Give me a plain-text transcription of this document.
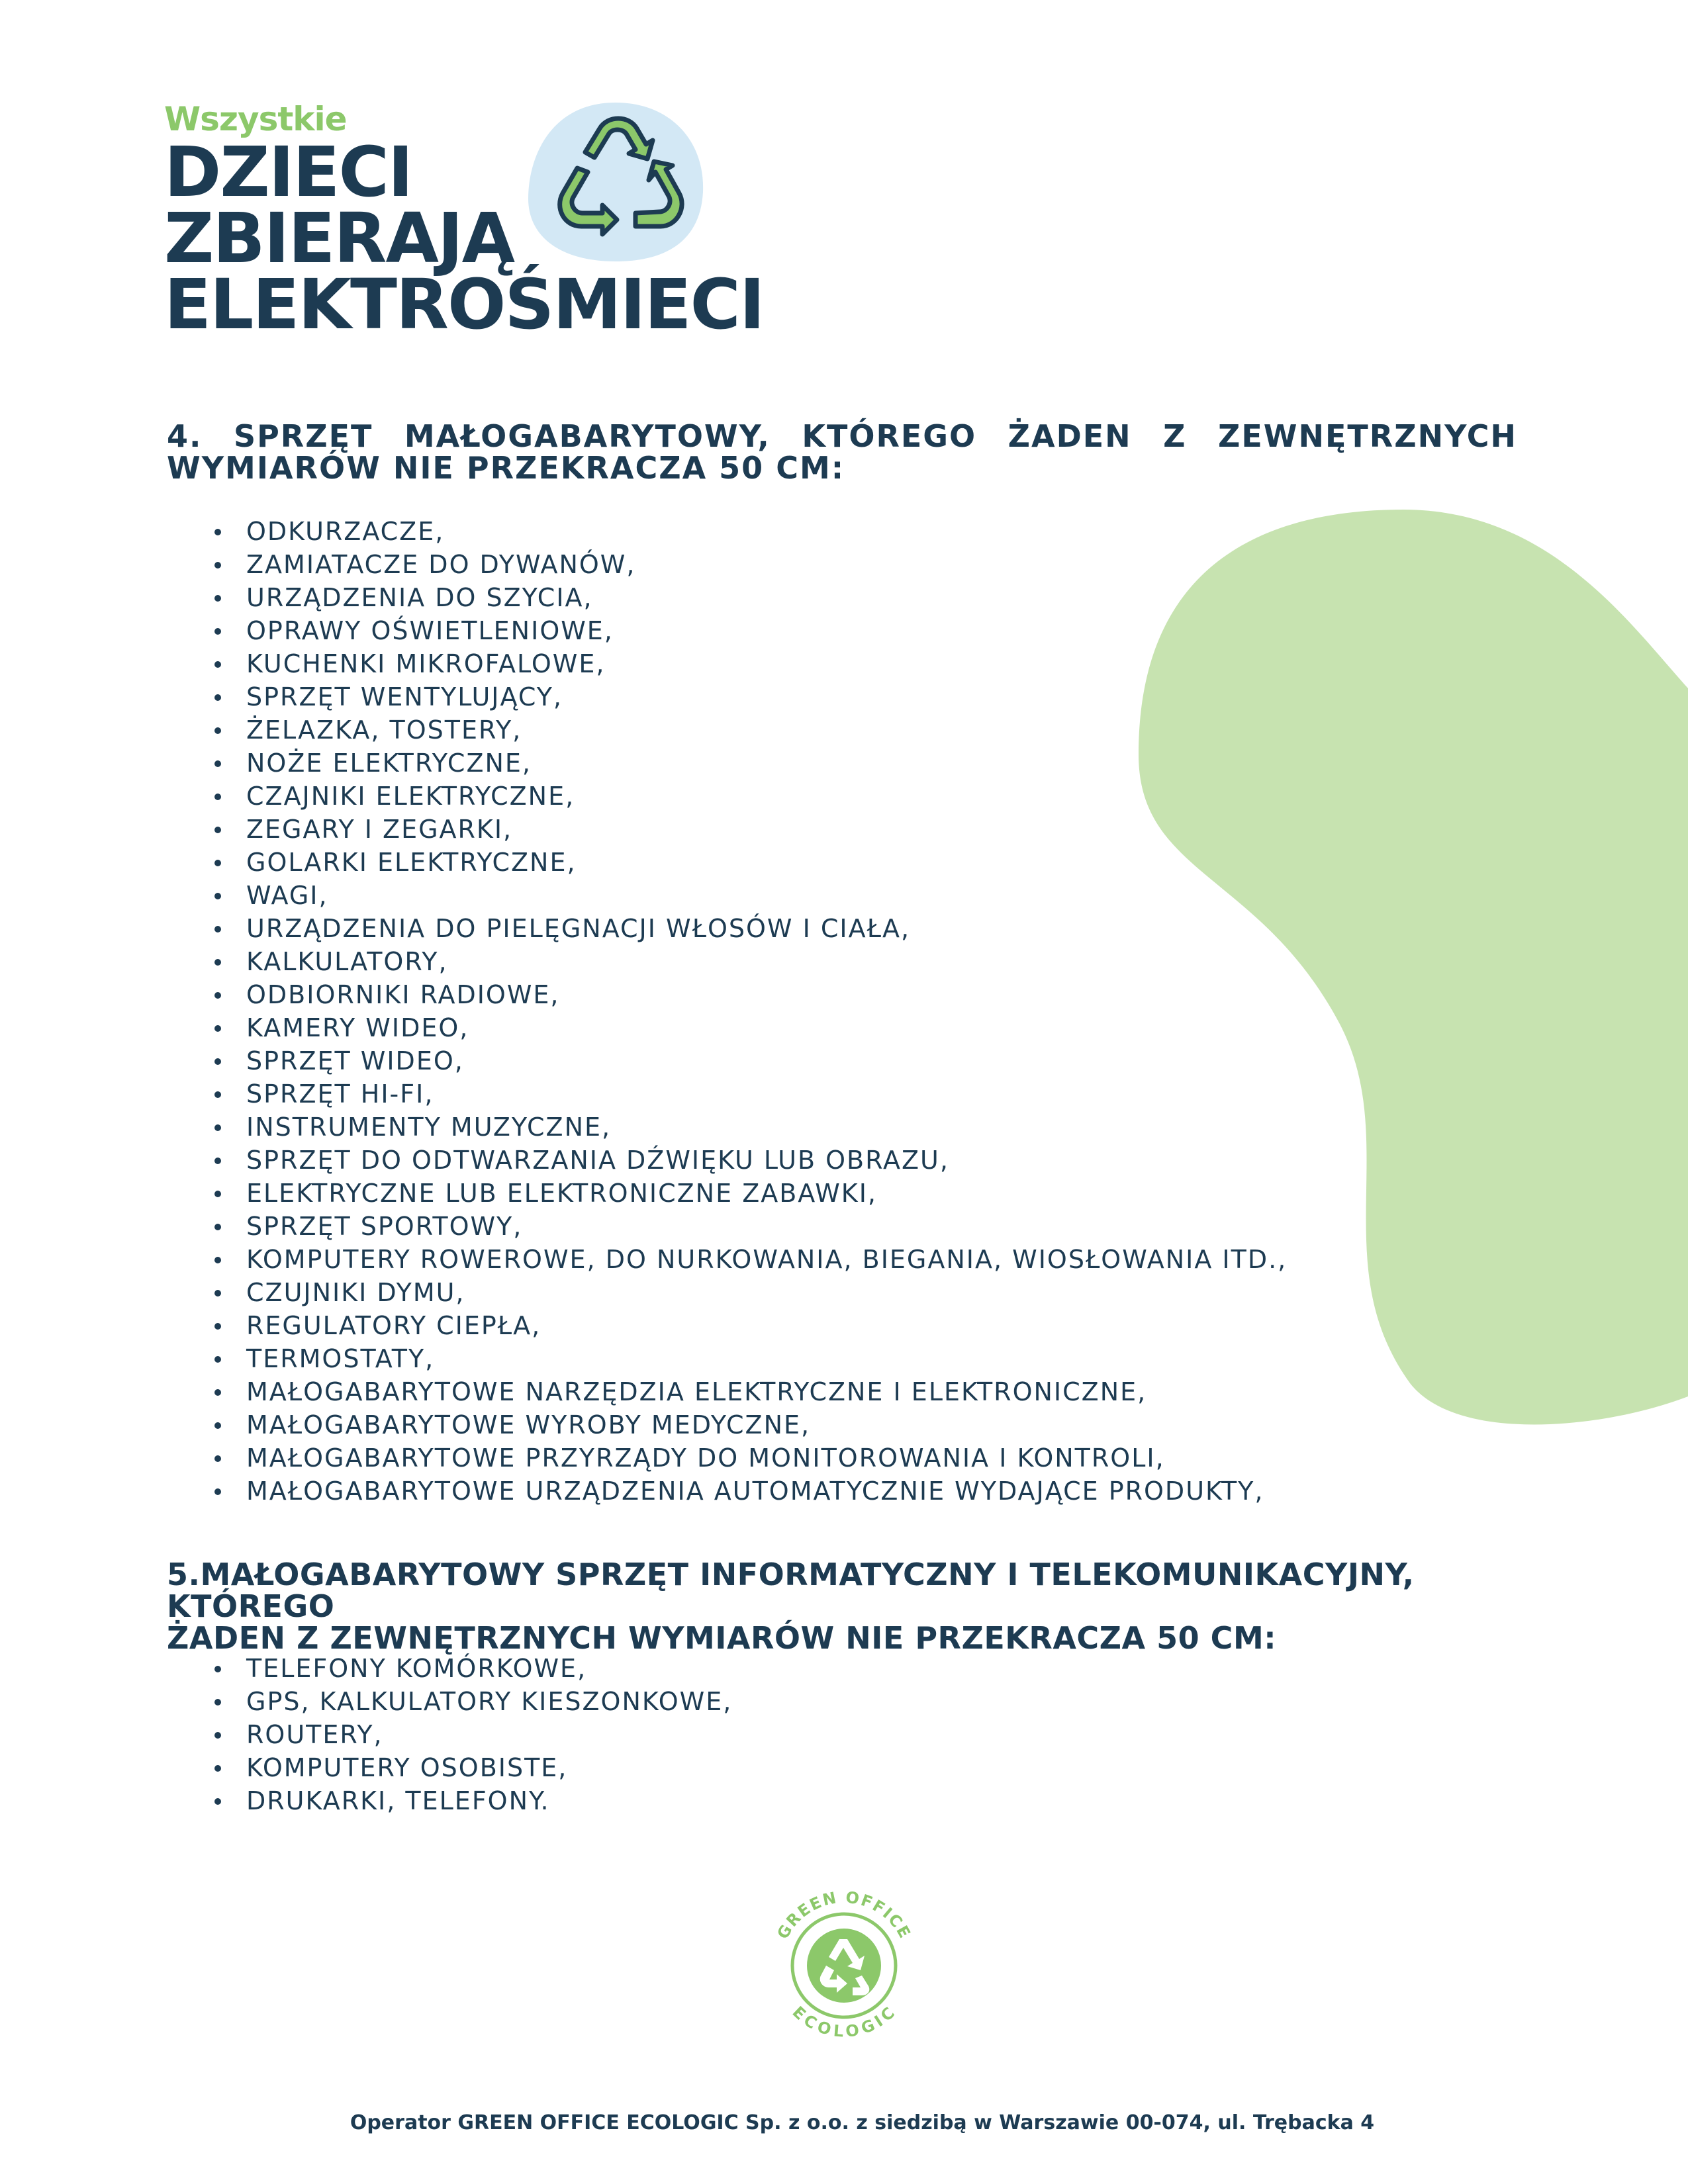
Wszystkie
DZIECI
ZBIERAJĄ
ELEKTROŚMIECI
4. SPRZĘT MAŁOGABARYTOWY, KTÓREGO ŻADEN Z ZEWNĘTRZNYCH WYMIARÓW NIE PRZEKRACZA 50 CM:
ODKURZACZE,
ZAMIATACZE DO DYWANÓW,
URZĄDZENIA DO SZYCIA,
OPRAWY OŚWIETLENIOWE,
KUCHENKI MIKROFALOWE,
SPRZĘT WENTYLUJĄCY,
ŻELAZKA, TOSTERY,
NOŻE ELEKTRYCZNE,
CZAJNIKI ELEKTRYCZNE,
ZEGARY I ZEGARKI,
GOLARKI ELEKTRYCZNE,
WAGI,
URZĄDZENIA DO PIELĘGNACJI WŁOSÓW I CIAŁA,
KALKULATORY,
ODBIORNIKI RADIOWE,
KAMERY WIDEO,
SPRZĘT WIDEO,
SPRZĘT HI-FI,
INSTRUMENTY MUZYCZNE,
SPRZĘT DO ODTWARZANIA DŹWIĘKU LUB OBRAZU,
ELEKTRYCZNE LUB ELEKTRONICZNE ZABAWKI,
SPRZĘT SPORTOWY,
KOMPUTERY ROWEROWE, DO NURKOWANIA, BIEGANIA, WIOSŁOWANIA ITD.,
CZUJNIKI DYMU,
REGULATORY CIEPŁA,
TERMOSTATY,
MAŁOGABARYTOWE NARZĘDZIA ELEKTRYCZNE I ELEKTRONICZNE,
MAŁOGABARYTOWE WYROBY MEDYCZNE,
MAŁOGABARYTOWE PRZYRZĄDY DO MONITOROWANIA I KONTROLI,
MAŁOGABARYTOWE URZĄDZENIA AUTOMATYCZNIE WYDAJĄCE PRODUKTY,
5.MAŁOGABARYTOWY SPRZĘT INFORMATYCZNY I TELEKOMUNIKACYJNY, KTÓREGO
ŻADEN Z ZEWNĘTRZNYCH WYMIARÓW NIE PRZEKRACZA 50 CM:
TELEFONY KOMÓRKOWE,
GPS, KALKULATORY KIESZONKOWE,
ROUTERY,
KOMPUTERY OSOBISTE,
DRUKARKI, TELEFONY.
GREEN OFFICE
ECOLOGIC
Operator GREEN OFFICE ECOLOGIC Sp. z o.o. z siedzibą w Warszawie 00-074, ul. Trębacka 4
